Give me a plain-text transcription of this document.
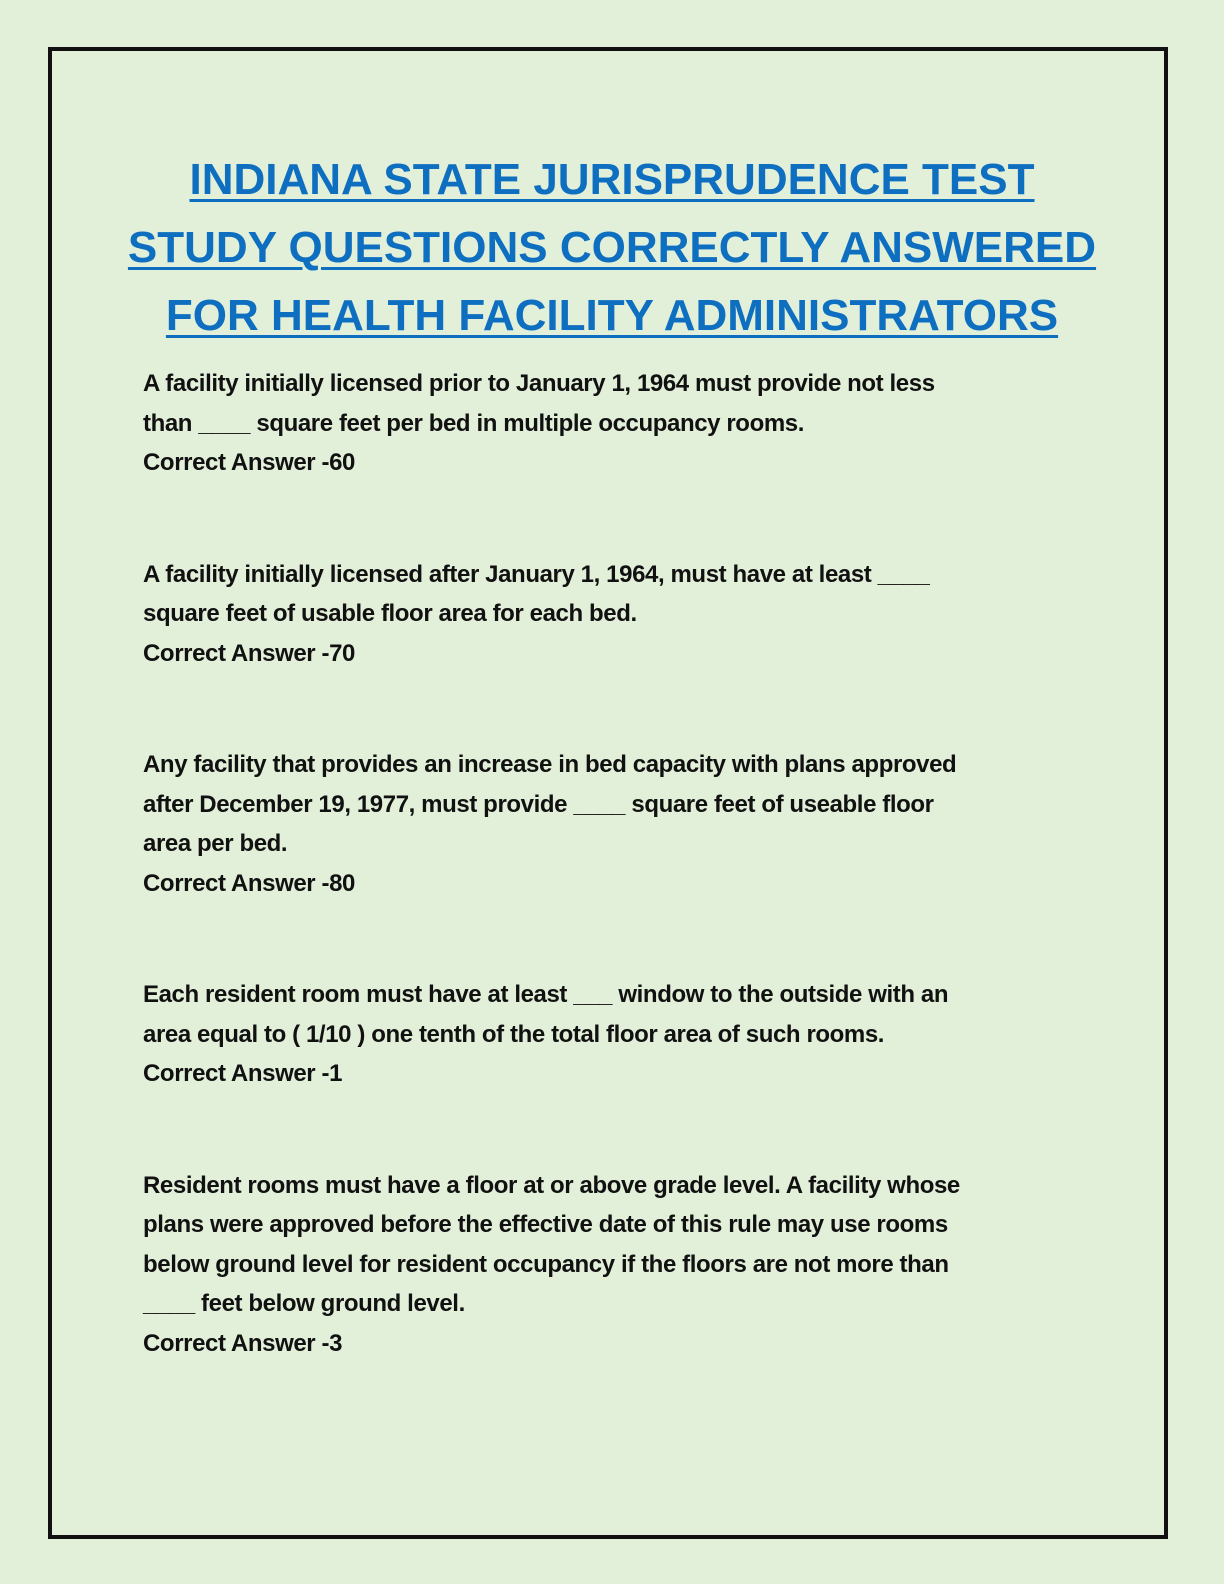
INDIANA STATE JURISPRUDENCE TEST
STUDY QUESTIONS CORRECTLY ANSWERED
FOR HEALTH FACILITY ADMINISTRATORS

A facility initially licensed prior to January 1, 1964 must provide not less

than ____ square feet per bed in multiple occupancy rooms.

Correct Answer -60

A facility initially licensed after January 1, 1964, must have at least ____

square feet of usable floor area for each bed.

Correct Answer -70

Any facility that provides an increase in bed capacity with plans approved

after December 19, 1977, must provide ____ square feet of useable floor

area per bed.

Correct Answer -80

Each resident room must have at least ___ window to the outside with an

area equal to ( 1/10 ) one tenth of the total floor area of such rooms.

Correct Answer -1

Resident rooms must have a floor at or above grade level. A facility whose

plans were approved before the effective date of this rule may use rooms

below ground level for resident occupancy if the floors are not more than

____ feet below ground level.

Correct Answer -3
